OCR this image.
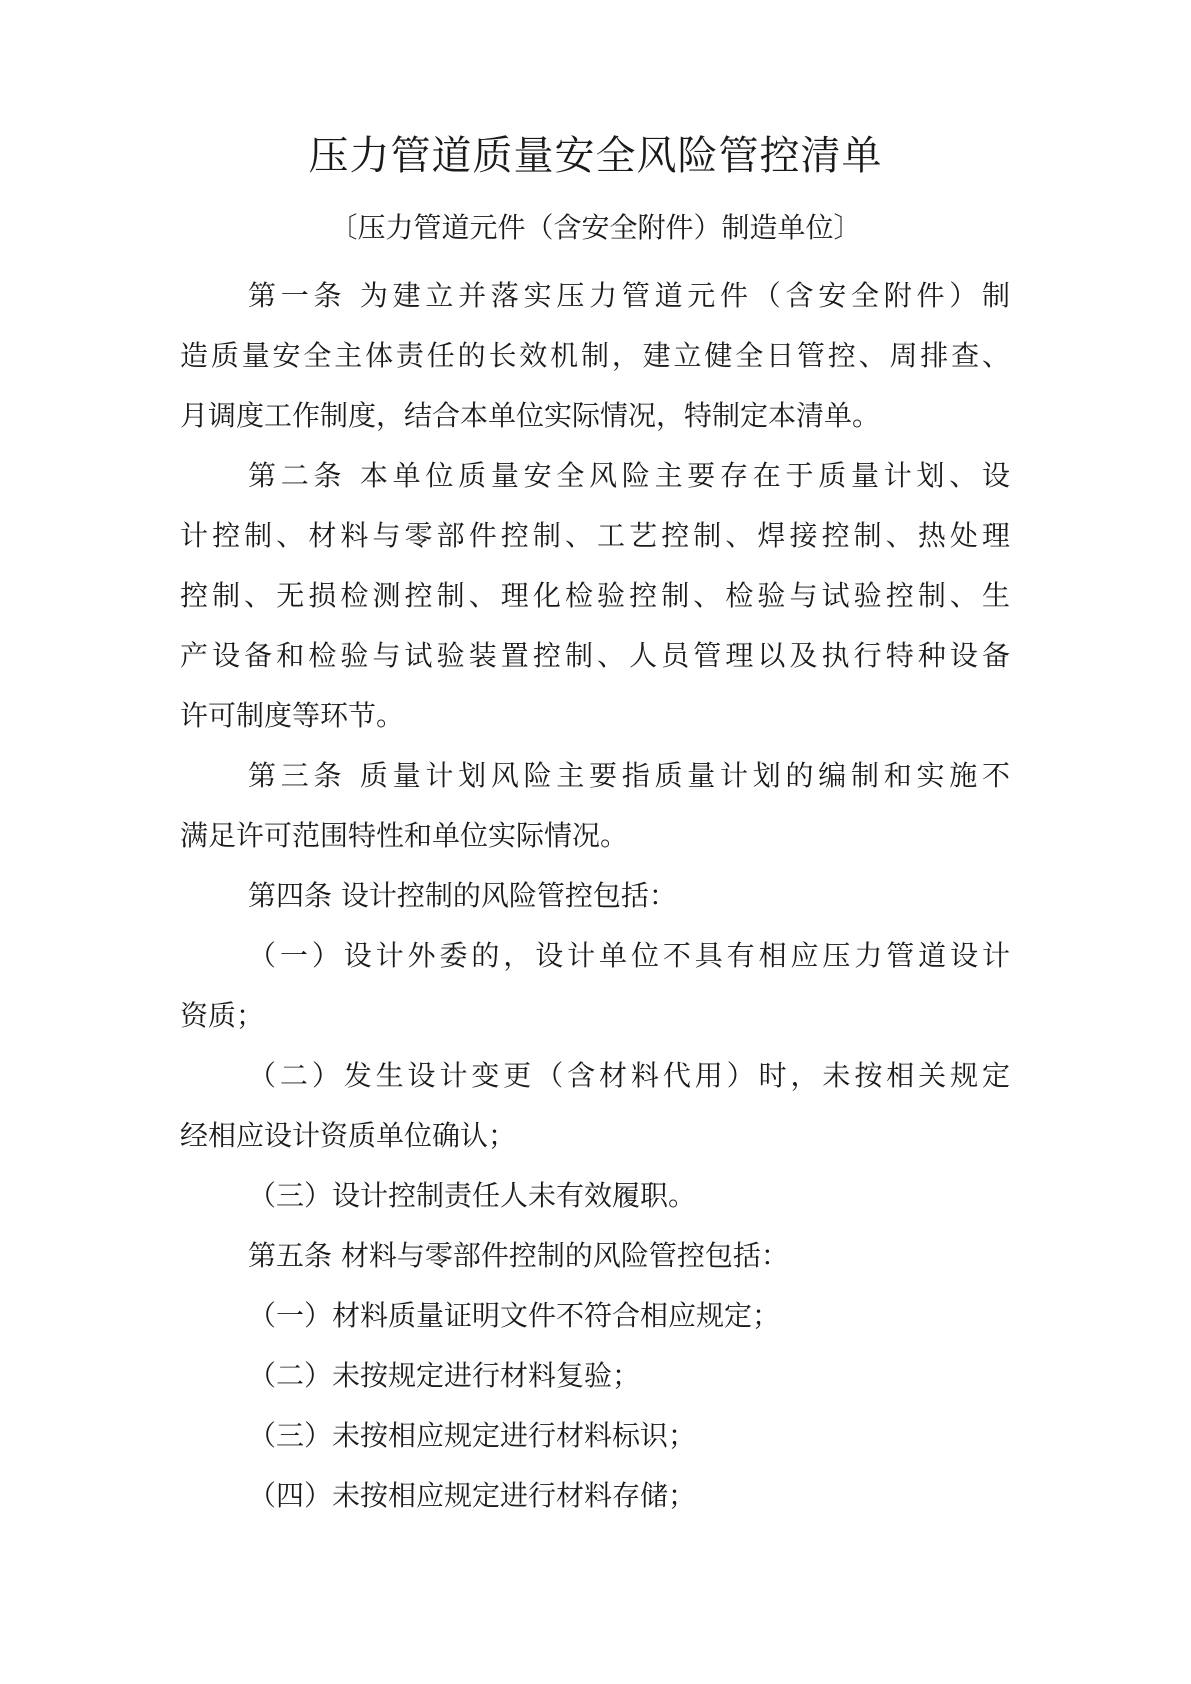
压力管道质量安全风险管控清单
〔压力管道元件（含安全附件）制造单位〕
第一条 为建立并落实压力管道元件（含安全附件）制
造质量安全主体责任的长效机制，建立健全日管控、周排查、
月调度工作制度，结合本单位实际情况，特制定本清单。
第二条 本单位质量安全风险主要存在于质量计划、设
计控制、材料与零部件控制、工艺控制、焊接控制、热处理
控制、无损检测控制、理化检验控制、检验与试验控制、生
产设备和检验与试验装置控制、人员管理以及执行特种设备
许可制度等环节。
第三条 质量计划风险主要指质量计划的编制和实施不
满足许可范围特性和单位实际情况。
第四条 设计控制的风险管控包括：
（一）设计外委的，设计单位不具有相应压力管道设计
资质；
（二）发生设计变更（含材料代用）时，未按相关规定
经相应设计资质单位确认；
（三）设计控制责任人未有效履职。
第五条 材料与零部件控制的风险管控包括：
（一）材料质量证明文件不符合相应规定；
（二）未按规定进行材料复验；
（三）未按相应规定进行材料标识；
（四）未按相应规定进行材料存储；
